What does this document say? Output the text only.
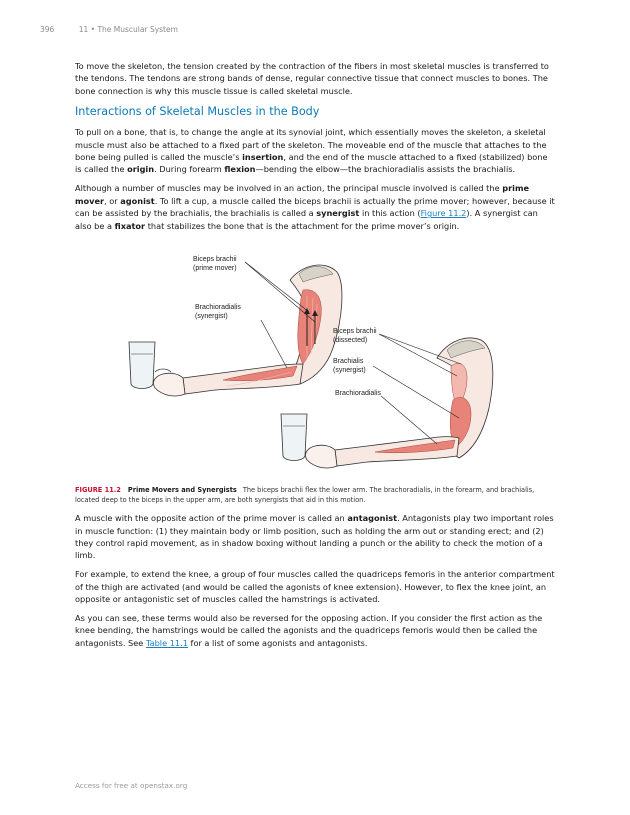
396	11 • The Muscular System

To move the skeleton, the tension created by the contraction of the fibers in most skeletal muscles is transferred to the tendons. The tendons are strong bands of dense, regular connective tissue that connect muscles to bones. The bone connection is why this muscle tissue is called skeletal muscle.

Interactions of Skeletal Muscles in the Body

To pull on a bone, that is, to change the angle at its synovial joint, which essentially moves the skeleton, a skeletal muscle must also be attached to a fixed part of the skeleton. The moveable end of the muscle that attaches to the bone being pulled is called the muscle’s insertion, and the end of the muscle attached to a fixed (stabilized) bone is called the origin. During forearm flexion—bending the elbow—the brachioradialis assists the brachialis.

Although a number of muscles may be involved in an action, the principal muscle involved is called the prime mover, or agonist. To lift a cup, a muscle called the biceps brachii is actually the prime mover; however, because it can be assisted by the brachialis, the brachialis is called a synergist in this action (Figure 11.2). A synergist can also be a fixator that stabilizes the bone that is the attachment for the prime mover’s origin.

Biceps brachii
(prime mover)
Brachioradialis
(synergist)
Biceps brachii
(dissected)
Brachialis
(synergist)
Brachioradialis

FIGURE 11.2 Prime Movers and Synergists The biceps brachii flex the lower arm. The brachoradialis, in the forearm, and brachialis, located deep to the biceps in the upper arm, are both synergists that aid in this motion.

A muscle with the opposite action of the prime mover is called an antagonist. Antagonists play two important roles in muscle function: (1) they maintain body or limb position, such as holding the arm out or standing erect; and (2) they control rapid movement, as in shadow boxing without landing a punch or the ability to check the motion of a limb.

For example, to extend the knee, a group of four muscles called the quadriceps femoris in the anterior compartment of the thigh are activated (and would be called the agonists of knee extension). However, to flex the knee joint, an opposite or antagonistic set of muscles called the hamstrings is activated.

As you can see, these terms would also be reversed for the opposing action. If you consider the first action as the knee bending, the hamstrings would be called the agonists and the quadriceps femoris would then be called the antagonists. See Table 11.1 for a list of some agonists and antagonists.

Access for free at openstax.org
